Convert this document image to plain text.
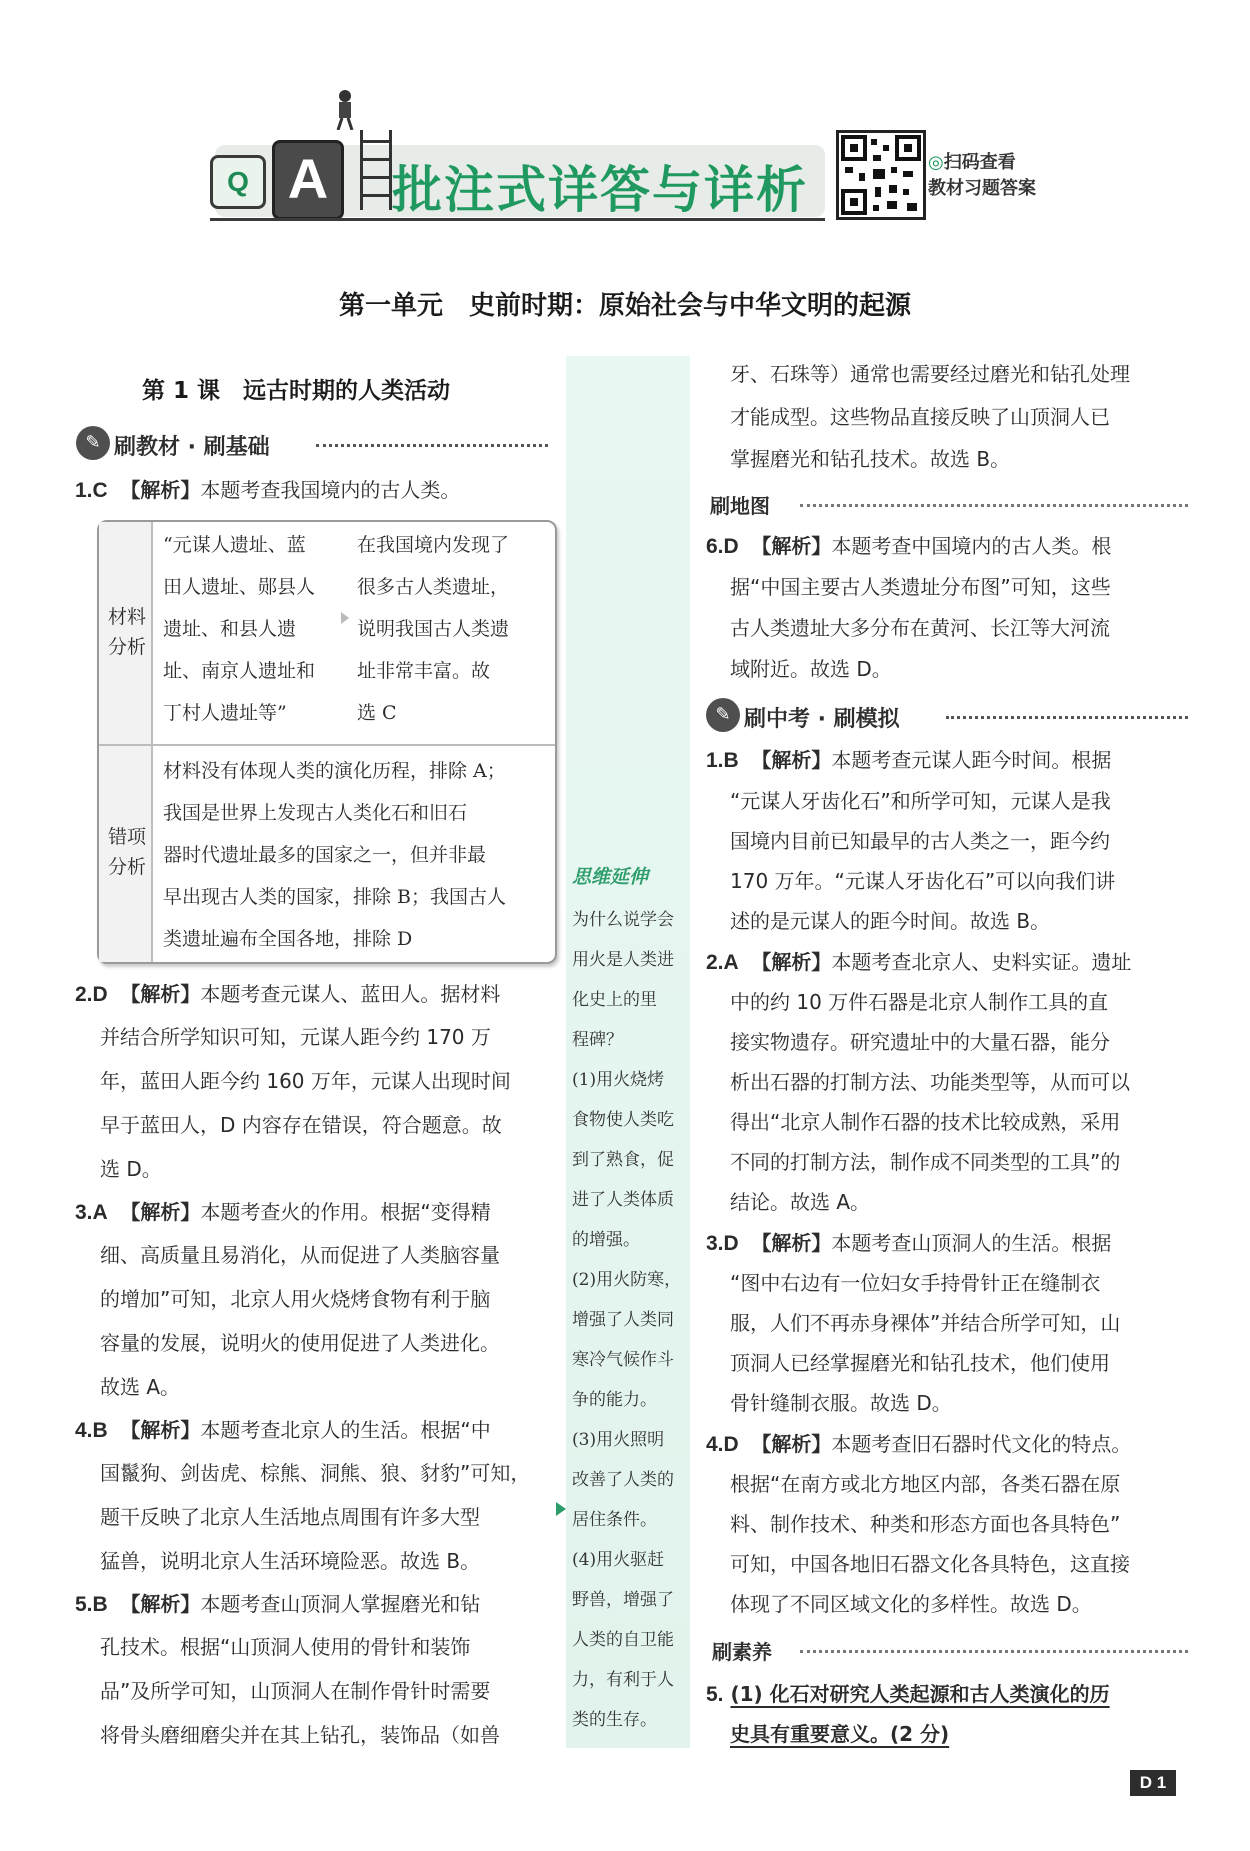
Q A	批注式详答与详析	◎扫码查看
教材习题答案
第一单元　史前时期：原始社会与中华文明的起源
第 1 课　远古时期的人类活动
✎ 刷教材 · 刷基础
1.C 【解析】本题考查我国境内的古人类。
材料
分析
错项
分析
“元谋人遗址、蓝
田人遗址、郧县人
遗址、和县人遗
址、南京人遗址和
丁村人遗址等”
在我国境内发现了
很多古人类遗址，
说明我国古人类遗
址非常丰富。故
选 C
材料没有体现人类的演化历程，排除 A；
我国是世界上发现古人类化石和旧石
器时代遗址最多的国家之一，但并非最
早出现古人类的国家，排除 B；我国古人
类遗址遍布全国各地，排除 D
2.D 【解析】本题考查元谋人、蓝田人。据材料
并结合所学知识可知，元谋人距今约 170 万
年，蓝田人距今约 160 万年，元谋人出现时间
早于蓝田人，D 内容存在错误，符合题意。故
选 D。
3.A 【解析】本题考查火的作用。根据“变得精
细、高质量且易消化，从而促进了人类脑容量
的增加”可知，北京人用火烧烤食物有利于脑
容量的发展，说明火的使用促进了人类进化。
故选 A。
4.B 【解析】本题考查北京人的生活。根据“中
国鬣狗、剑齿虎、棕熊、洞熊、狼、豺豹”可知，
题干反映了北京人生活地点周围有许多大型
猛兽，说明北京人生活环境险恶。故选 B。
5.B 【解析】本题考查山顶洞人掌握磨光和钻
孔技术。根据“山顶洞人使用的骨针和装饰
品”及所学可知，山顶洞人在制作骨针时需要
将骨头磨细磨尖并在其上钻孔，装饰品（如兽
思维延伸
为什么说学会
用火是人类进
化史上的里
程碑？
(1)用火烧烤
食物使人类吃
到了熟食，促
进了人类体质
的增强。
(2)用火防寒，
增强了人类同
寒冷气候作斗
争的能力。
(3)用火照明
改善了人类的
居住条件。
(4)用火驱赶
野兽，增强了
人类的自卫能
力，有利于人
类的生存。
牙、石珠等）通常也需要经过磨光和钻孔处理
才能成型。这些物品直接反映了山顶洞人已
掌握磨光和钻孔技术。故选 B。
刷地图
6.D 【解析】本题考查中国境内的古人类。根
据“中国主要古人类遗址分布图”可知，这些
古人类遗址大多分布在黄河、长江等大河流
域附近。故选 D。
✎ 刷中考 · 刷模拟
1.B 【解析】本题考查元谋人距今时间。根据
“元谋人牙齿化石”和所学可知，元谋人是我
国境内目前已知最早的古人类之一，距今约
170 万年。“元谋人牙齿化石”可以向我们讲
述的是元谋人的距今时间。故选 B。
2.A 【解析】本题考查北京人、史料实证。遗址
中的约 10 万件石器是北京人制作工具的直
接实物遗存。研究遗址中的大量石器，能分
析出石器的打制方法、功能类型等，从而可以
得出“北京人制作石器的技术比较成熟，采用
不同的打制方法，制作成不同类型的工具”的
结论。故选 A。
3.D 【解析】本题考查山顶洞人的生活。根据
“图中右边有一位妇女手持骨针正在缝制衣
服，人们不再赤身裸体”并结合所学可知，山
顶洞人已经掌握磨光和钻孔技术，他们使用
骨针缝制衣服。故选 D。
4.D 【解析】本题考查旧石器时代文化的特点。
根据“在南方或北方地区内部，各类石器在原
料、制作技术、种类和形态方面也各具特色”
可知，中国各地旧石器文化各具特色，这直接
体现了不同区域文化的多样性。故选 D。
刷素养
5. (1) 化石对研究人类起源和古人类演化的历
史具有重要意义。(2 分)
D 1
